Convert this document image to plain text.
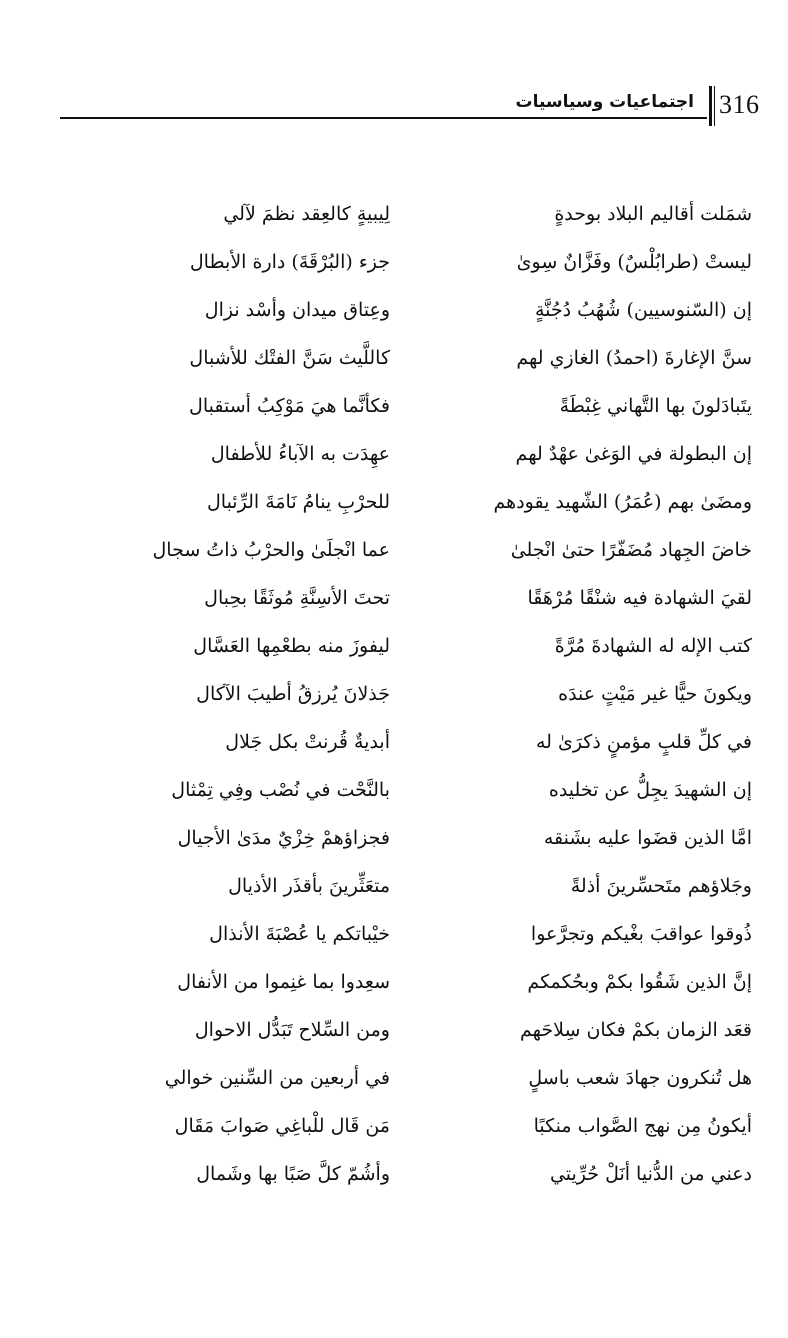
316
اجتماعيات وسياسيات
شمَلت أقاليم البلاد بوحدةٍ
ليستْ (طرابُلْسٌ) وفَزَّانٌ سِوىٰ
إن (السّنوسيين) شُهُبُ دُجُنَّةٍ
سنَّ الإغارةَ (احمدُ) الغازي لهم
يتَبادَلونَ بها التَّهاني غِبْطَةً
إن البطولة في الوَغىٰ عهْدٌ لهم
ومضَىٰ بهم (عُمَرُ) الشّهيد يقودهم
خاضَ الجِهاد مُضَفّرًا حتىٰ انْجلىٰ
لقيَ الشهادة فيه شنْقًا مُرْهَقًا
كتب الإله له الشهادةَ مُرَّةً
ويكونَ حيًّا غير مَيْتٍ عندَه
في كلِّ قلبٍ مؤمنٍ ذكرَىٰ له
إن الشهيدَ يجِلُّ عن تخليده
امَّا الذين قضَوا عليه بشَنقه
وجَلاؤهم متَحسِّرينَ أذلةً
ذُوقوا عواقبَ بغْيكم وتجرَّعوا
إنَّ الذين شَقُوا بكمْ وبحُكمكم
قعَد الزمان بكمْ فكان سِلاحَهم
هل تُنكرون جهادَ شعب باسلٍ
أيكونُ مِن نهج الصَّواب منكبًا
دعني من الدُّنيا أنَلْ حُرِّيتي
لِيبيةٍ كالعِقد نظمَ لآلي
جزء (البُرْقَةَ) دارة الأبطال
وعِتاق ميدان وأسْد نزال
كاللَّيث سَنَّ الفتْك للأشبال
فكأنَّما هيَ مَوْكِبُ أستقبال
عهِدَت به الآباءُ للأطفال
للحرْبِ ينامُ نَامَةَ الرِّئبال
عما انْجلَىٰ والحرْبُ ذاتُ سجال
تحتَ الأسِنَّةِ مُوثَقًا بحِبال
ليفوزَ منه بطعْمِها العَسَّال
جَذلانَ يُرزقُ أطيبَ الآكال
أبديةٌ قُرنتْ بكل جَلال
بالنَّحْت في نُصْب وفِي تِمْثال
فجزاؤهمْ خِزْيٌ مدَىٰ الأجيال
متعَثِّرينَ بأقذَر الأذيال
خيْباتكم يا عُصْبَةَ الأنذال
سعِدوا بما غنِموا من الأنفال
ومن السِّلاح تَبَدُّل الاحوال
في أربعين من السِّنين خوالي
مَن قَال للْباغِي صَوابَ مَقَال
وأشُمّ كلَّ صَبًا بها وشَمال
